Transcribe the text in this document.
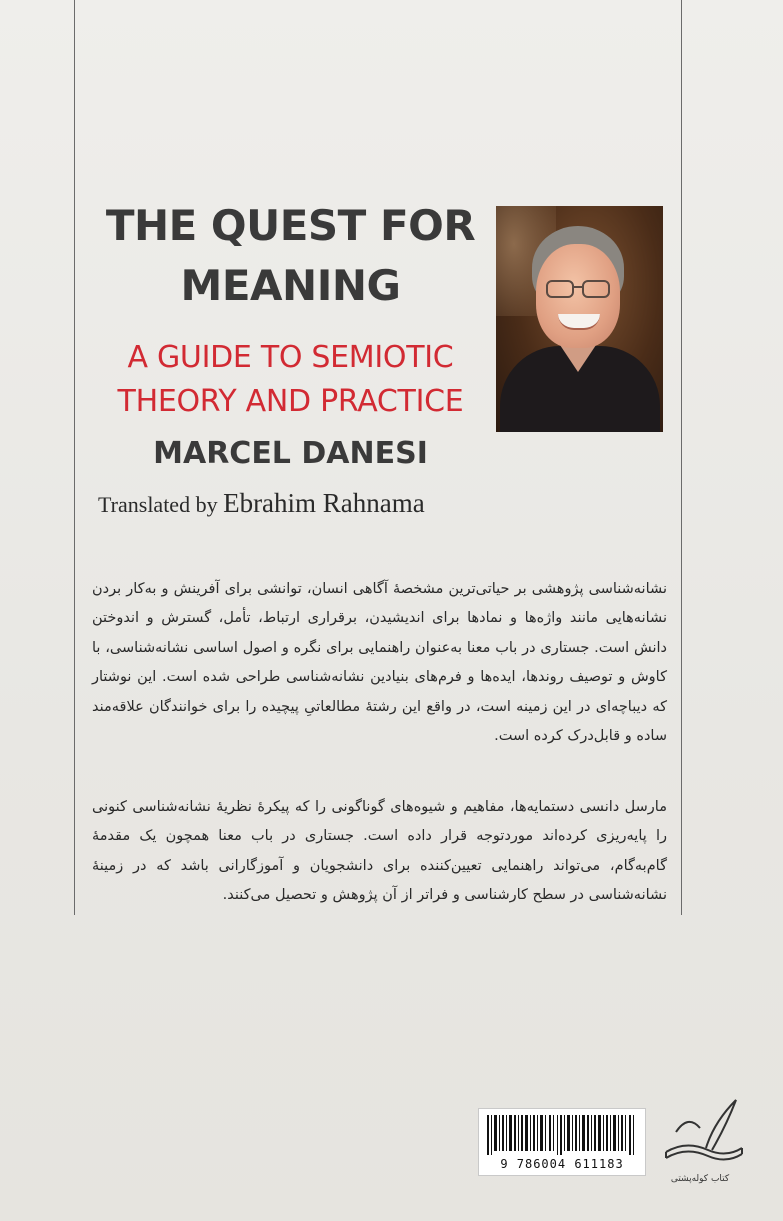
THE QUEST FOR
MEANING
A GUIDE TO SEMIOTIC
THEORY AND PRACTICE
MARCEL DANESI
Translated by Ebrahim Rahnama

نشانه‌شناسی پژوهشی بر حیاتی‌ترین مشخصهٔ آگاهی انسان، توانشی برای آفرینش و به‌کار بردن نشانه‌هایی مانند واژه‌ها و نمادها برای اندیشیدن، برقراری ارتباط، تأمل، گسترش و اندوختن دانش است. جستاری در باب معنا به‌عنوان راهنمایی برای نگره و اصول اساسی نشانه‌شناسی، با کاوش و توصیف روندها، ایده‌ها و فرم‌های بنیادین نشانه‌شناسی طراحی شده است. این نوشتار که دیباچه‌ای در این زمینه است، در واقع این رشتهٔ مطالعاتیِ پیچیده را برای خوانندگان علاقه‌مند ساده و قابل‌درک کرده است.

مارسل دانسی دستمایه‌ها، مفاهیم و شیوه‌های گوناگونی را که پیکرهٔ نظریهٔ نشانه‌شناسی کنونی را پایه‌ریزی کرده‌اند موردتوجه قرار داده است. جستاری در باب معنا همچون یک مقدمهٔ گام‌به‌گام، می‌تواند راهنمایی تعیین‌کننده برای دانشجویان و آموزگارانی باشد که در زمینهٔ نشانه‌شناسی در سطح کارشناسی و فراتر از آن پژوهش و تحصیل می‌کنند.

9 786004 611183
کتاب کوله‌پشتی
